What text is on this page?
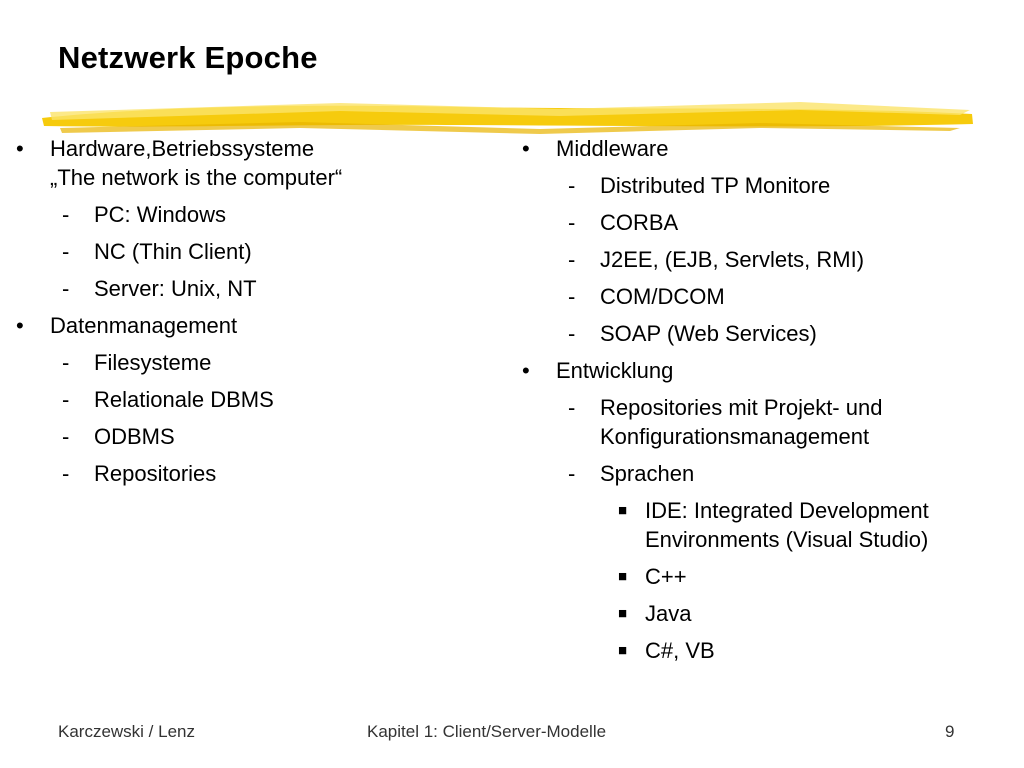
Netzwerk Epoche
• Hardware,Betriebssysteme
„The network is the computer“
- PC: Windows
- NC (Thin Client)
- Server: Unix, NT
• Datenmanagement
- Filesysteme
- Relationale DBMS
- ODBMS
- Repositories
• Middleware
- Distributed TP Monitore
- CORBA
- J2EE, (EJB, Servlets, RMI)
- COM/DCOM
- SOAP (Web Services)
• Entwicklung
- Repositories mit Projekt- und
Konfigurationsmanagement
- Sprachen
■ IDE: Integrated Development
Environments (Visual Studio)
■ C++
■ Java
■ C#, VB
Karczewski / Lenz	Kapitel 1: Client/Server-Modelle	9
